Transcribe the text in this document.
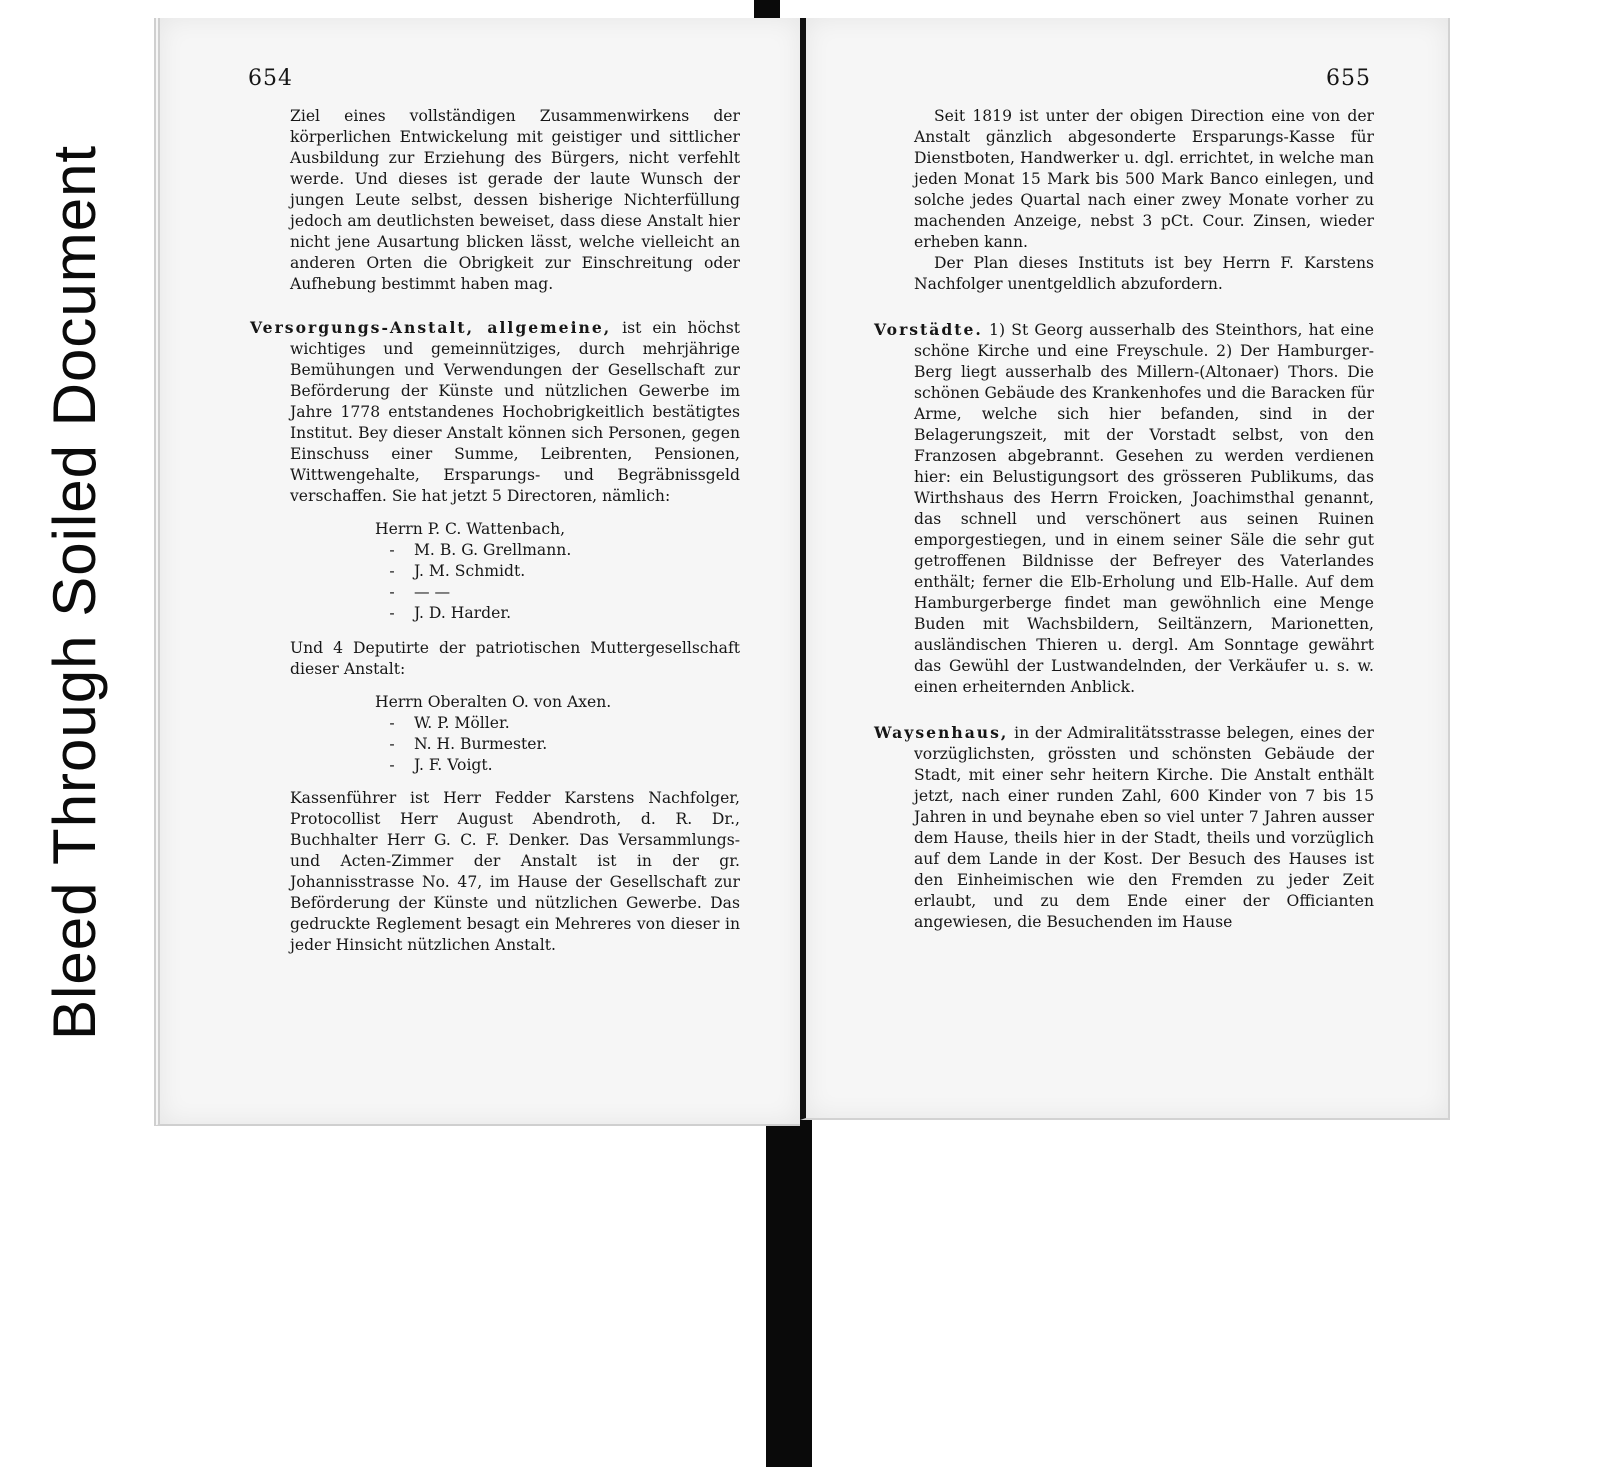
Bleed Through Soiled Document
654

Ziel eines vollständigen Zusammenwirkens der körperlichen Entwickelung mit geistiger und sittlicher Ausbildung zur Erziehung des Bürgers, nicht verfehlt werde. Und dieses ist gerade der laute Wunsch der jungen Leute selbst, dessen bisherige Nichterfüllung jedoch am deutlichsten beweiset, dass diese Anstalt hier nicht jene Ausartung blicken lässt, welche vielleicht an anderen Orten die Obrigkeit zur Einschreitung oder Aufhebung bestimmt haben mag.

Versorgungs-Anstalt, allgemeine, ist ein höchst wichtiges und gemeinnütziges, durch mehrjährige Bemühungen und Verwendungen der Gesellschaft zur Beförderung der Künste und nützlichen Gewerbe im Jahre 1778 entstandenes Hochobrigkeitlich bestätigtes Institut. Bey dieser Anstalt können sich Personen, gegen Einschuss einer Summe, Leibrenten, Pensionen, Wittwengehalte, Ersparungs- und Begräbnissgeld verschaffen. Sie hat jetzt 5 Directoren, nämlich:

Herrn P. C. Wattenbach,
- M. B. G. Grellmann.
- J. M. Schmidt.
- — —
- J. D. Harder.

Und 4 Deputirte der patriotischen Muttergesellschaft dieser Anstalt:

Herrn Oberalten O. von Axen.
- W. P. Möller.
- N. H. Burmester.
- J. F. Voigt.

Kassenführer ist Herr Fedder Karstens Nachfolger, Protocollist Herr August Abendroth, d. R. Dr., Buchhalter Herr G. C. F. Denker. Das Versammlungs- und Acten-Zimmer der Anstalt ist in der gr. Johannisstrasse No. 47, im Hause der Gesellschaft zur Beförderung der Künste und nützlichen Gewerbe. Das gedruckte Reglement besagt ein Mehreres von dieser in jeder Hinsicht nützlichen Anstalt.

655

Seit 1819 ist unter der obigen Direction eine von der Anstalt gänzlich abgesonderte Ersparungs-Kasse für Dienstboten, Handwerker u. dgl. errichtet, in welche man jeden Monat 15 Mark bis 500 Mark Banco einlegen, und solche jedes Quartal nach einer zwey Monate vorher zu machenden Anzeige, nebst 3 pCt. Cour. Zinsen, wieder erheben kann.

Der Plan dieses Instituts ist bey Herrn F. Karstens Nachfolger unentgeldlich abzufordern.

Vorstädte. 1) St Georg ausserhalb des Steinthors, hat eine schöne Kirche und eine Freyschule. 2) Der Hamburger-Berg liegt ausserhalb des Millern-(Altonaer) Thors. Die schönen Gebäude des Krankenhofes und die Baracken für Arme, welche sich hier befanden, sind in der Belagerungszeit, mit der Vorstadt selbst, von den Franzosen abgebrannt. Gesehen zu werden verdienen hier: ein Belustigungsort des grösseren Publikums, das Wirthshaus des Herrn Froicken, Joachimsthal genannt, das schnell und verschönert aus seinen Ruinen emporgestiegen, und in einem seiner Säle die sehr gut getroffenen Bildnisse der Befreyer des Vaterlandes enthält; ferner die Elb-Erholung und Elb-Halle. Auf dem Hamburgerberge findet man gewöhnlich eine Menge Buden mit Wachsbildern, Seiltänzern, Marionetten, ausländischen Thieren u. dergl. Am Sonntage gewährt das Gewühl der Lustwandelnden, der Verkäufer u. s. w. einen erheiternden Anblick.

Waysenhaus, in der Admiralitätsstrasse belegen, eines der vorzüglichsten, grössten und schönsten Gebäude der Stadt, mit einer sehr heitern Kirche. Die Anstalt enthält jetzt, nach einer runden Zahl, 600 Kinder von 7 bis 15 Jahren in und beynahe eben so viel unter 7 Jahren ausser dem Hause, theils hier in der Stadt, theils und vorzüglich auf dem Lande in der Kost. Der Besuch des Hauses ist den Einheimischen wie den Fremden zu jeder Zeit erlaubt, und zu dem Ende einer der Officianten angewiesen, die Besuchenden im Hause
